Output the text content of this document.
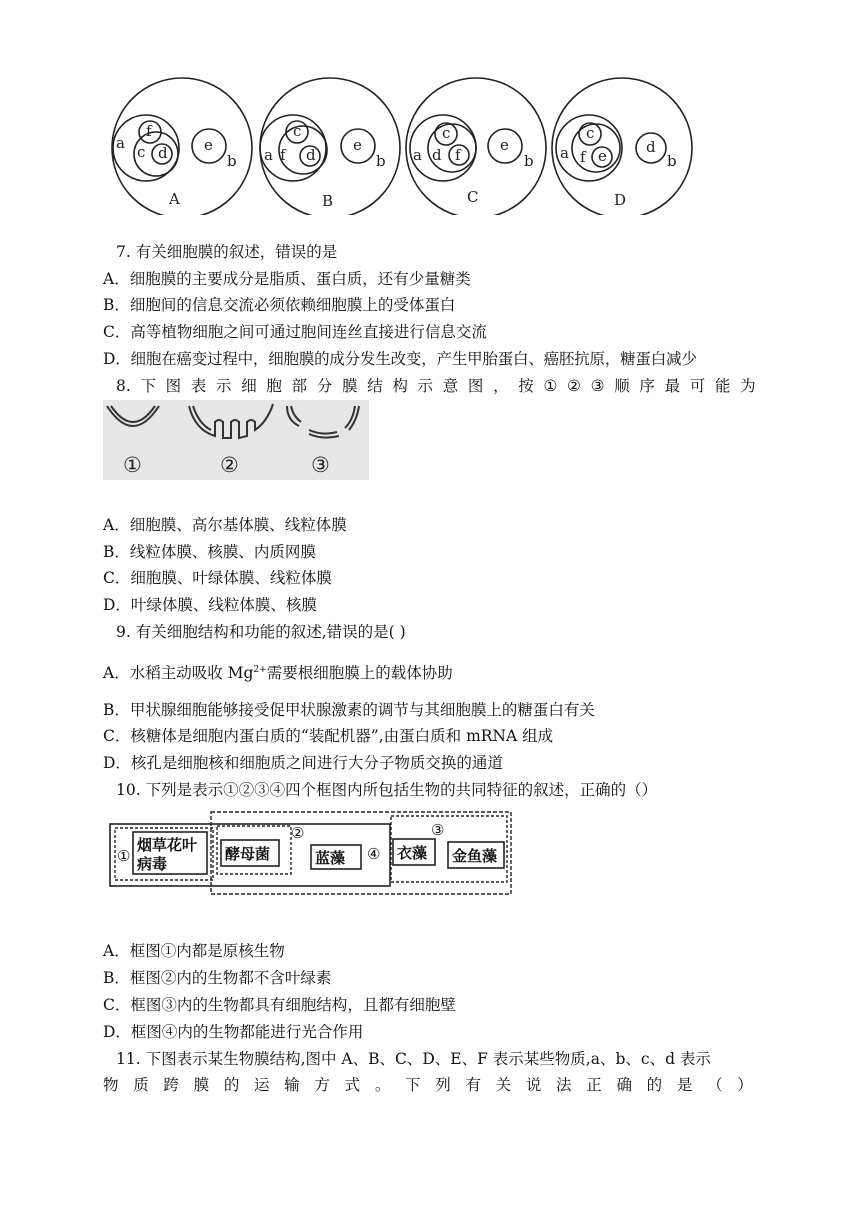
a
f
c d e
b a
c
f d
e
b a
c
d f
e
b a
c
f e	d
b
A	B	C	D
7. 有关细胞膜的叙述，错误的是
A．细胞膜的主要成分是脂质、蛋白质，还有少量糖类
B．细胞间的信息交流必须依赖细胞膜上的受体蛋白
C．高等植物细胞之间可通过胞间连丝直接进行信息交流
D．细胞在癌变过程中，细胞膜的成分发生改变，产生甲胎蛋白、癌胚抗原，糖蛋白减少
8. 下 图 表 示 细 胞 部 分 膜 结 构 示 意 图 ， 按 ① ② ③ 顺 序 最 可 能 为
①	②	③
A．细胞膜、高尔基体膜、线粒体膜
B．线粒体膜、核膜、内质网膜
C．细胞膜、叶绿体膜、线粒体膜
D．叶绿体膜、线粒体膜、核膜
9. 有关细胞结构和功能的叙述,错误的是( )
A．水稻主动吸收 $Mg^{2+}$需要根细胞膜上的载体协助
B．甲状腺细胞能够接受促甲状腺激素的调节与其细胞膜上的糖蛋白有关
C．核糖体是细胞内蛋白质的“装配机器”,由蛋白质和 mRNA 组成
D．核孔是细胞核和细胞质之间进行大分子物质交换的通道
10. 下列是表示①②③④四个框图内所包括生物的共同特征的叙述，正确的（）
烟草花叶
病毒
酵母菌	蓝藻	衣藻 金鱼藻
①
②	③
④
A．框图①内都是原核生物
B．框图②内的生物都不含叶绿素
C．框图③内的生物都具有细胞结构，且都有细胞壁
D．框图④内的生物都能进行光合作用
11. 下图表示某生物膜结构,图中 A、B、C、D、E、F 表示某些物质,a、b、c、d 表示
物 质 跨 膜 的 运 输 方 式 。 下 列 有 关 说 法 正 确 的 是 （ ）
